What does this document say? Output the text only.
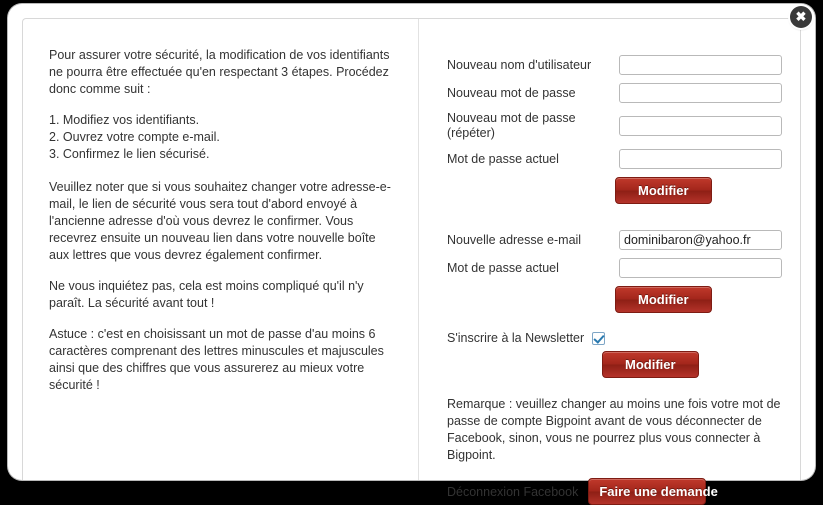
✖

Pour assurer votre sécurité, la modification de vos identifiants ne pourra être effectuée qu'en respectant 3 étapes. Procédez donc comme suit :

1. Modifiez vos identifiants.
2. Ouvrez votre compte e-mail.
3. Confirmez le lien sécurisé.

Veuillez noter que si vous souhaitez changer votre adresse-e-mail, le lien de sécurité vous sera tout d'abord envoyé à l'ancienne adresse d'où vous devrez le confirmer. Vous recevrez ensuite un nouveau lien dans votre nouvelle boîte aux lettres que vous devrez également confirmer.

Ne vous inquiétez pas, cela est moins compliqué qu'il n'y paraît. La sécurité avant tout !

Astuce : c'est en choisissant un mot de passe d'au moins 6 caractères comprenant des lettres minuscules et majuscules ainsi que des chiffres que vous assurerez au mieux votre sécurité !

Nouveau nom d'utilisateur
Nouveau mot de passe
Nouveau mot de passe (répéter)
Mot de passe actuel
Modifier
Nouvelle adresse e-mail
dominibaron@yahoo.fr
Mot de passe actuel
Modifier
S'inscrire à la Newsletter
Modifier
Remarque : veuillez changer au moins une fois votre mot de passe de compte Bigpoint avant de vous déconnecter de Facebook, sinon, vous ne pourrez plus vous connecter à Bigpoint.
Déconnexion Facebook	Faire une demande
